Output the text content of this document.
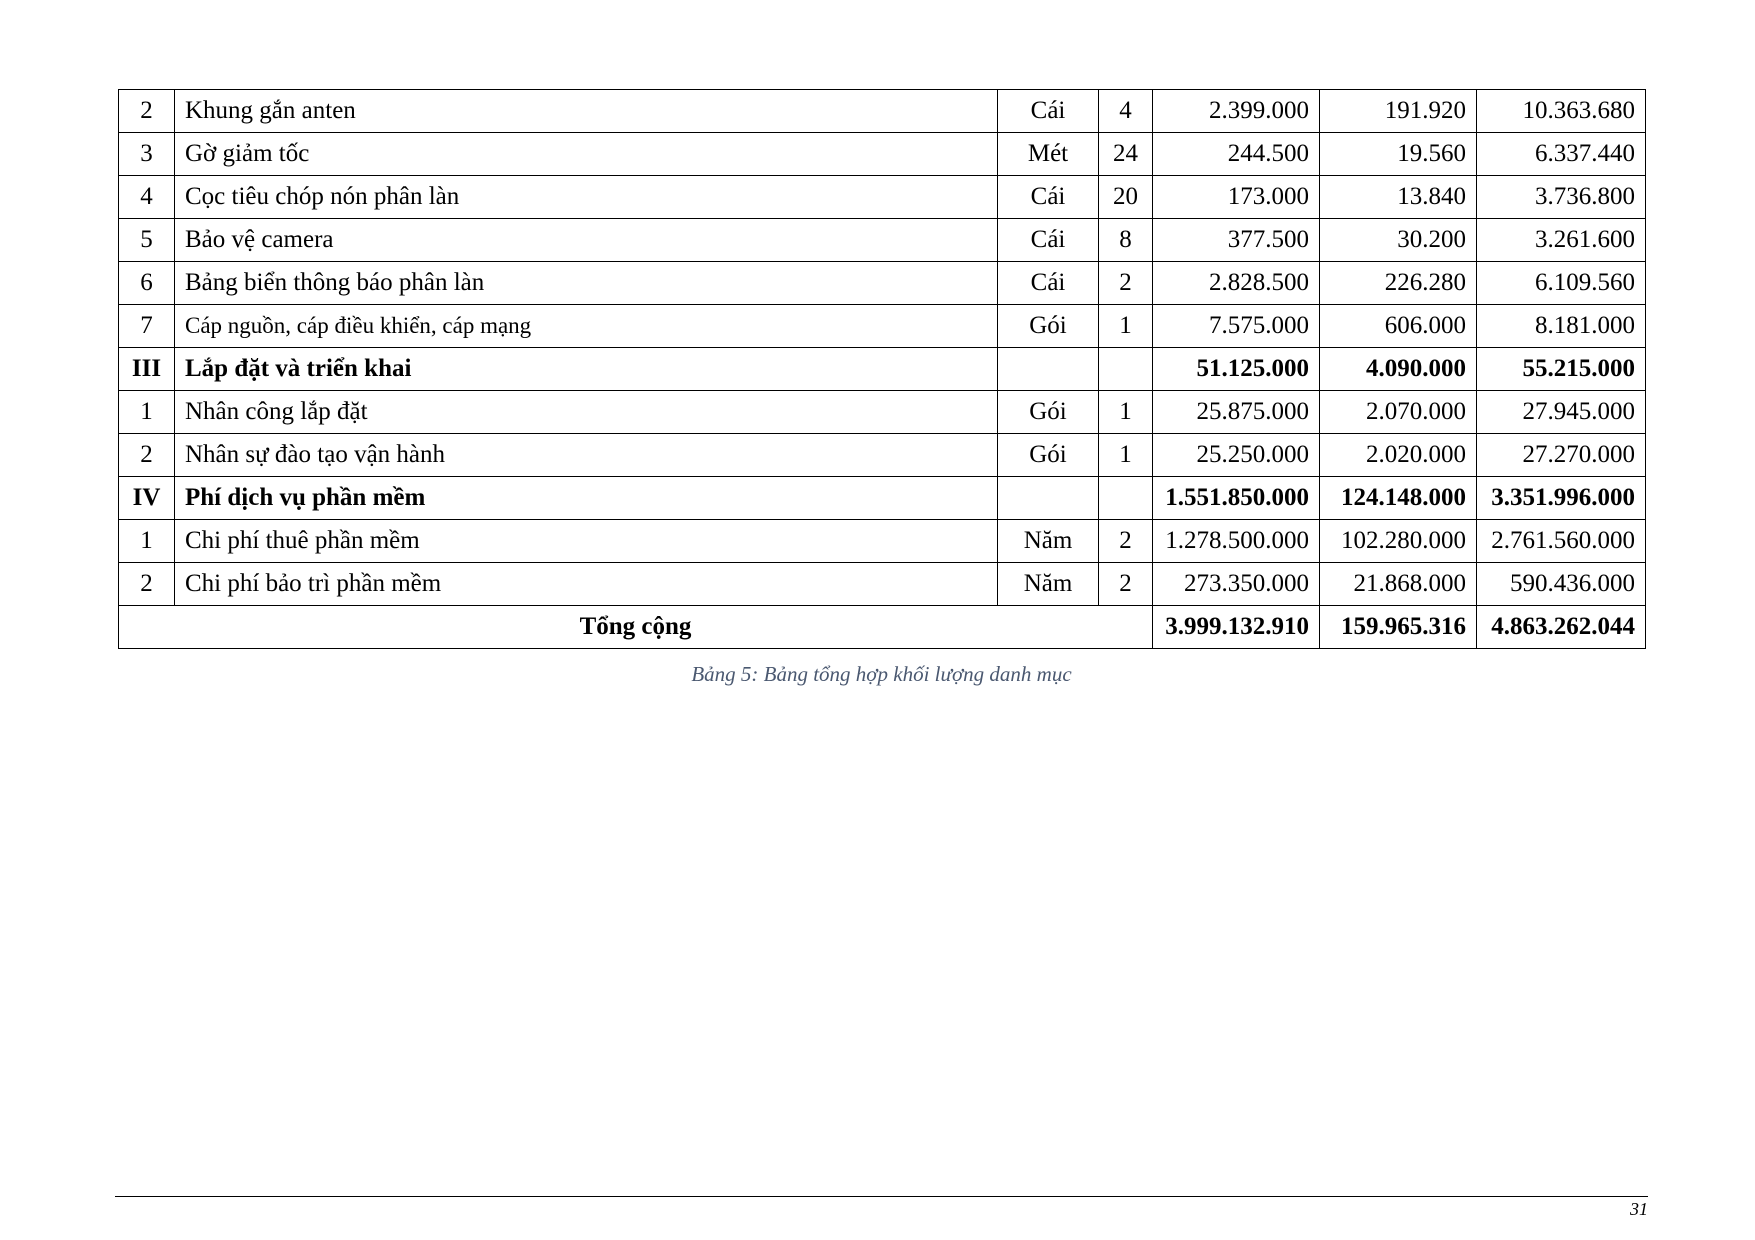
2	Khung gắn anten	Cái	4	2.399.000	191.920	10.363.680
3	Gờ giảm tốc	Mét	24	244.500	19.560	6.337.440
4	Cọc tiêu chóp nón phân làn	Cái	20	173.000	13.840	3.736.800
5	Bảo vệ camera	Cái	8	377.500	30.200	3.261.600
6	Bảng biển thông báo phân làn	Cái	2	2.828.500	226.280	6.109.560
7	Cáp nguồn, cáp điều khiển, cáp mạng	Gói	1	7.575.000	606.000	8.181.000
III	Lắp đặt và triển khai			51.125.000	4.090.000	55.215.000
1	Nhân công lắp đặt	Gói	1	25.875.000	2.070.000	27.945.000
2	Nhân sự đào tạo vận hành	Gói	1	25.250.000	2.020.000	27.270.000
IV	Phí dịch vụ phần mềm			1.551.850.000	124.148.000	3.351.996.000
1	Chi phí thuê phần mềm	Năm	2	1.278.500.000	102.280.000	2.761.560.000
2	Chi phí bảo trì phần mềm	Năm	2	273.350.000	21.868.000	590.436.000
Tổng cộng				3.999.132.910	159.965.316	4.863.262.044
Bảng 5: Bảng tổng hợp khối lượng danh mục
31
